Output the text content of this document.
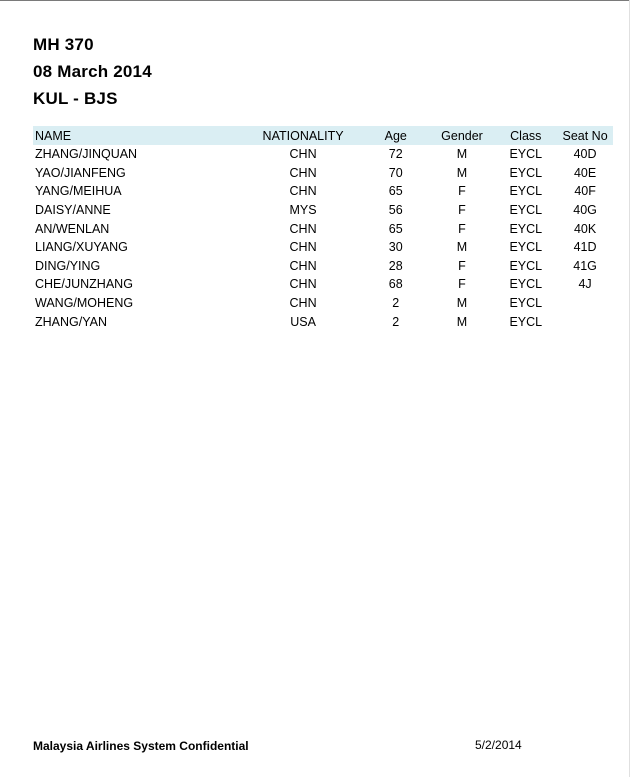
MH 370
08 March 2014
KUL - BJS
NAME	NATIONALITY	Age	Gender	Class	Seat No
ZHANG/JINQUAN	CHN	72	M	EYCL	40D
YAO/JIANFENG	CHN	70	M	EYCL	40E
YANG/MEIHUA	CHN	65	F	EYCL	40F
DAISY/ANNE	MYS	56	F	EYCL	40G
AN/WENLAN	CHN	65	F	EYCL	40K
LIANG/XUYANG	CHN	30	M	EYCL	41D
DING/YING	CHN	28	F	EYCL	41G
CHE/JUNZHANG	CHN	68	F	EYCL	4J
WANG/MOHENG	CHN	2	M	EYCL	
ZHANG/YAN	USA	2	M	EYCL	
Malaysia Airlines System Confidential	5/2/2014
